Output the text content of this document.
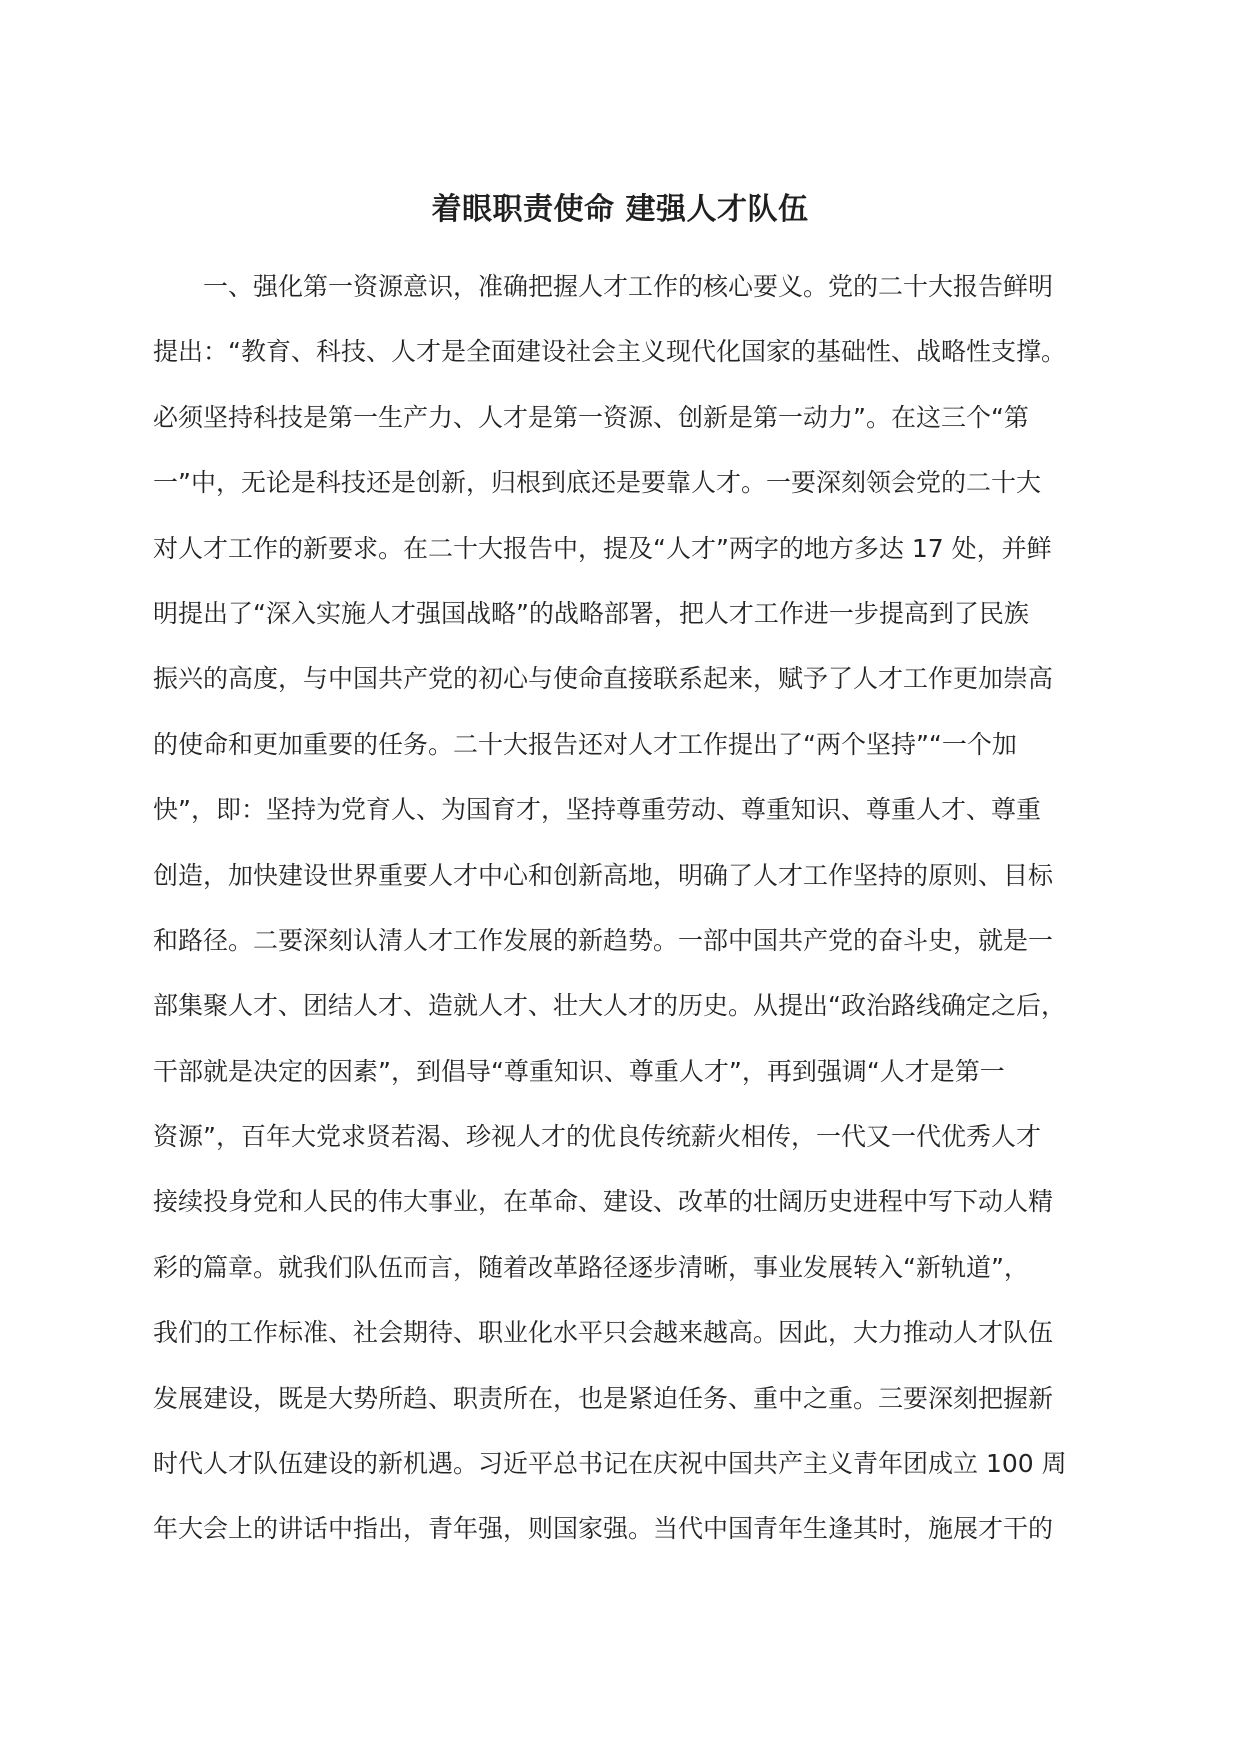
着眼职责使命 建强人才队伍
一、强化第一资源意识，准确把握人才工作的核心要义。党的二十大报告鲜明
提出：“教育、科技、人才是全面建设社会主义现代化国家的基础性、战略性支撑。
必须坚持科技是第一生产力、人才是第一资源、创新是第一动力”。在这三个“第
一”中，无论是科技还是创新，归根到底还是要靠人才。一要深刻领会党的二十大
对人才工作的新要求。在二十大报告中，提及“人才”两字的地方多达 17 处，并鲜
明提出了“深入实施人才强国战略”的战略部署，把人才工作进一步提高到了民族
振兴的高度，与中国共产党的初心与使命直接联系起来，赋予了人才工作更加崇高
的使命和更加重要的任务。二十大报告还对人才工作提出了“两个坚持”“一个加
快”，即：坚持为党育人、为国育才，坚持尊重劳动、尊重知识、尊重人才、尊重
创造，加快建设世界重要人才中心和创新高地，明确了人才工作坚持的原则、目标
和路径。二要深刻认清人才工作发展的新趋势。一部中国共产党的奋斗史，就是一
部集聚人才、团结人才、造就人才、壮大人才的历史。从提出“政治路线确定之后，
干部就是决定的因素”，到倡导“尊重知识、尊重人才”，再到强调“人才是第一
资源”，百年大党求贤若渴、珍视人才的优良传统薪火相传，一代又一代优秀人才
接续投身党和人民的伟大事业，在革命、建设、改革的壮阔历史进程中写下动人精
彩的篇章。就我们队伍而言，随着改革路径逐步清晰，事业发展转入“新轨道”，
我们的工作标准、社会期待、职业化水平只会越来越高。因此，大力推动人才队伍
发展建设，既是大势所趋、职责所在，也是紧迫任务、重中之重。三要深刻把握新
时代人才队伍建设的新机遇。习近平总书记在庆祝中国共产主义青年团成立 100 周
年大会上的讲话中指出，青年强，则国家强。当代中国青年生逢其时，施展才干的
